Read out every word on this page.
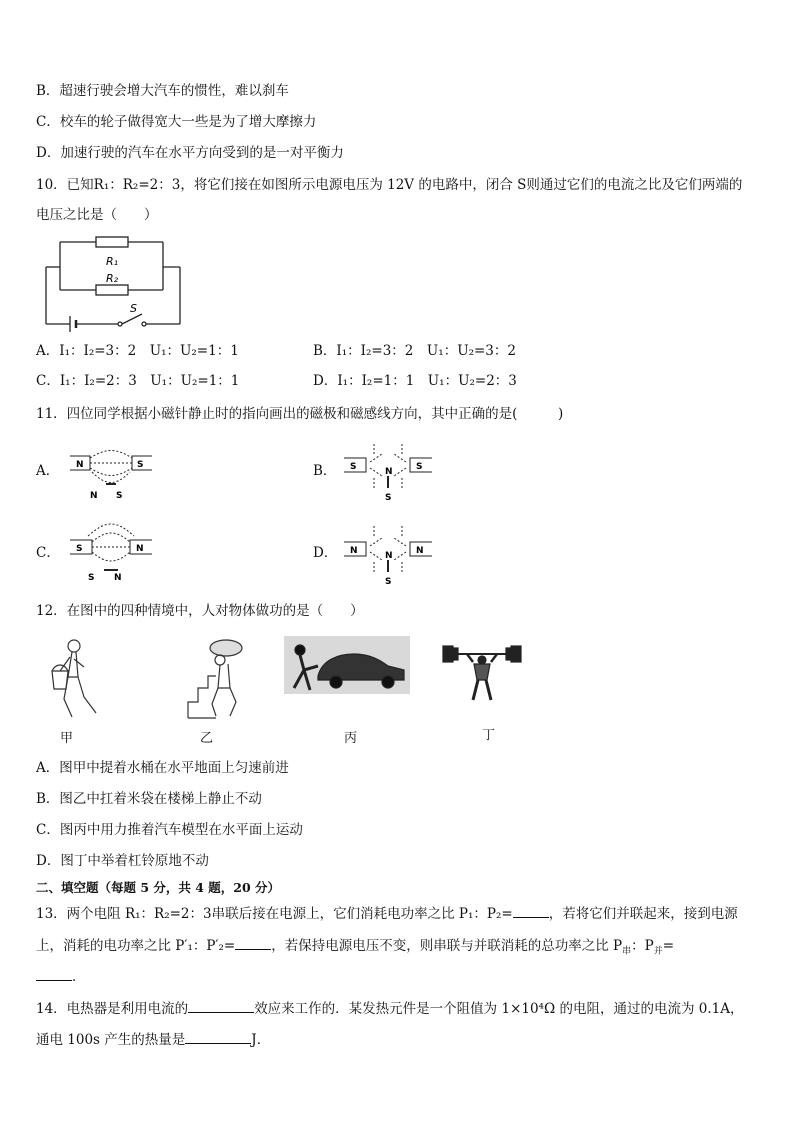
B．超速行驶会增大汽车的惯性，难以刹车
C．校车的轮子做得宽大一些是为了增大摩擦力
D．加速行驶的汽车在水平方向受到的是一对平衡力
10．已知R₁：R₂=2：3，将它们接在如图所示电源电压为 12V 的电路中，闭合 S则通过它们的电流之比及它们两端的
电压之比是（　　）
R₁
R₂
S
A．I₁：I₂=3：2　U₁：U₂=1：1	B．I₁：I₂=3：2　U₁：U₂=3：2
C．I₁：I₂=2：3　U₁：U₂=1：1	D．I₁：I₂=1：1　U₁：U₂=2：3
11．四位同学根据小磁针静止时的指向画出的磁极和磁感线方向，其中正确的是(　　　)
A． N	S
N S
B． S	S
N
S
C． S	N
S N
D． N	N
N
S
12．在图中的四种情境中，人对物体做功的是（　　）
甲	乙	丙	丁
A．图甲中提着水桶在水平地面上匀速前进
B．图乙中扛着米袋在楼梯上静止不动
C．图丙中用力推着汽车模型在水平面上运动
D．图丁中举着杠铃原地不动
二、填空题（每题 5 分，共 4 题，20 分）
13．两个电阻 R₁：R₂=2：3串联后接在电源上，它们消耗电功率之比 P₁：P₂=	，若将它们并联起来，接到电源
上，消耗的电功率之比 P′₁：P′₂=	，若保持电源电压不变，则串联与并联消耗的总功率之比 $P_串$：$P_并=$
．
14．电热器是利用电流的	效应来工作的．某发热元件是一个阻值为 1×10⁴Ω 的电阻，通过的电流为 0.1A，
通电 100s 产生的热量是	J．
